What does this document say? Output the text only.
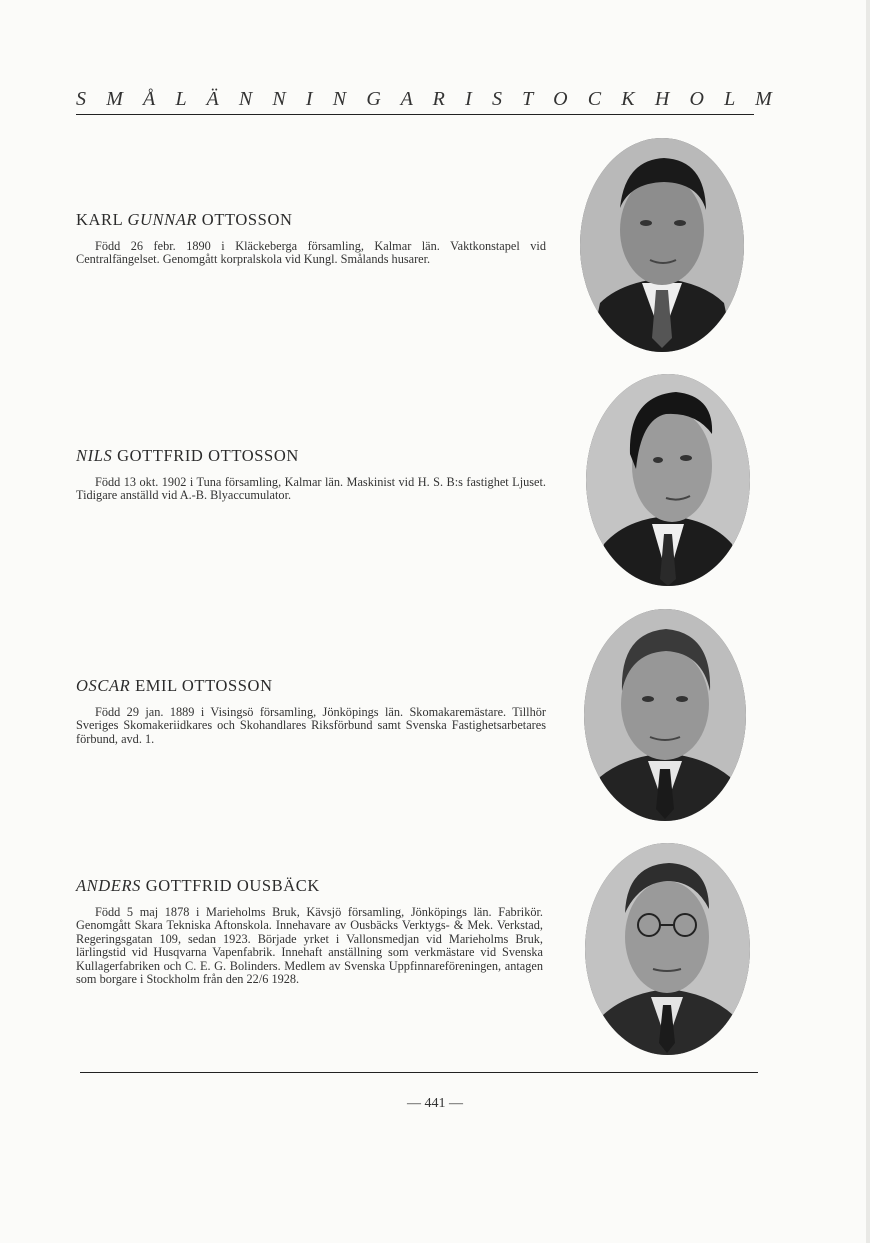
S M Å L Ä N N I N G A R I S T O C K H O L M
KARL GUNNAR OTTOSSON

Född 26 febr. 1890 i Kläckeberga församling, Kalmar län. Vaktkonstapel vid Centralfängelset. Genomgått korpralskola vid Kungl. Smålands husarer.

NILS GOTTFRID OTTOSSON

Född 13 okt. 1902 i Tuna församling, Kalmar län. Maskinist vid H. S. B:s fastighet Ljuset. Tidigare anställd vid A.-B. Blyaccumulator.

OSCAR EMIL OTTOSSON

Född 29 jan. 1889 i Visingsö församling, Jönköpings län. Skomakaremästare. Tillhör Sveriges Skomakeriidkares och Skohandlares Riksförbund samt Svenska Fastighetsarbetares förbund, avd. 1.

ANDERS GOTTFRID OUSBÄCK

Född 5 maj 1878 i Marieholms Bruk, Kävsjö församling, Jönköpings län. Fabrikör. Genomgått Skara Tekniska Aftonskola. Innehavare av Ousbäcks Verktygs- & Mek. Verkstad, Regeringsgatan 109, sedan 1923. Började yrket i Vallonsmedjan vid Marieholms Bruk, lärlingstid vid Husqvarna Vapenfabrik. Innehaft anställning som verkmästare vid Svenska Kullagerfabriken och C. E. G. Bolinders. Medlem av Svenska Uppfinnareföreningen, antagen som borgare i Stockholm från den 22/6 1928.

— 441 —
